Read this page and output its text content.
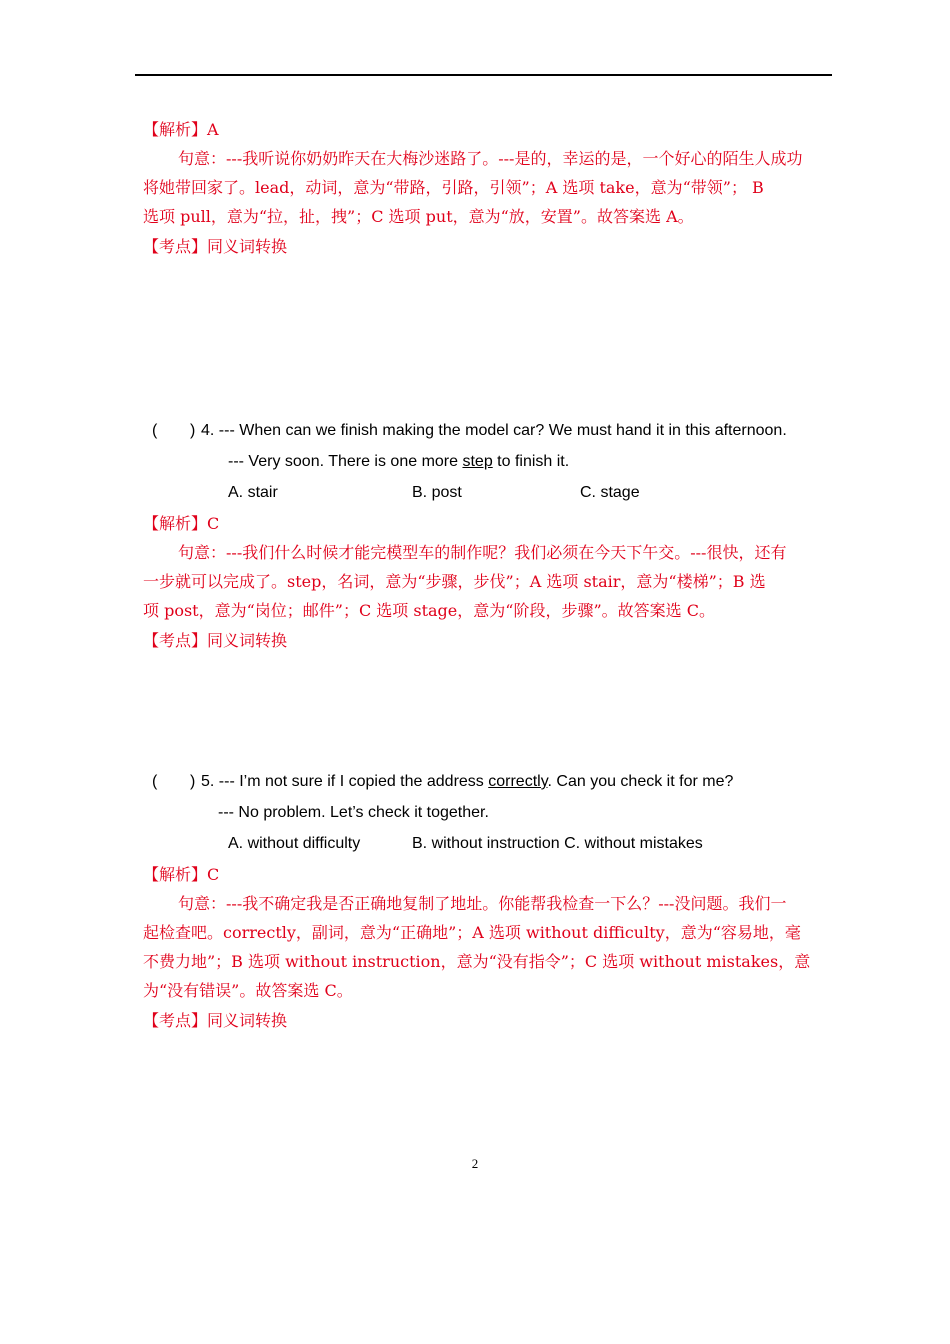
【解析】A
句意：---我听说你奶奶昨天在大梅沙迷路了。---是的，幸运的是，一个好心的陌生人成功
将她带回家了。lead，动词，意为“带路，引路，引领”；A 选项 take，意为“带领”； B
选项 pull，意为“拉，扯，拽”；C 选项 put，意为“放，安置”。故答案选 A。
【考点】同义词转换
( ) 4. --- When can we finish making the model car? We must hand it in this afternoon.
--- Very soon. There is one more step to finish it.
A. stair	B. post	C. stage
【解析】C
句意：---我们什么时候才能完模型车的制作呢？我们必须在今天下午交。---很快，还有
一步就可以完成了。step，名词，意为“步骤，步伐”；A 选项 stair，意为“楼梯”；B 选
项 post，意为“岗位；邮件”；C 选项 stage，意为“阶段，步骤”。故答案选 C。
【考点】同义词转换
( ) 5. --- I’m not sure if I copied the address correctly. Can you check it for me?
--- No problem. Let’s check it together.
A. without difficulty	B. without instruction C. without mistakes
【解析】C
句意：---我不确定我是否正确地复制了地址。你能帮我检查一下么？---没问题。我们一
起检查吧。correctly，副词，意为“正确地”；A 选项 without difficulty，意为“容易地，毫
不费力地”；B 选项 without instruction，意为“没有指令”；C 选项 without mistakes，意
为“没有错误”。故答案选 C。
【考点】同义词转换
2
